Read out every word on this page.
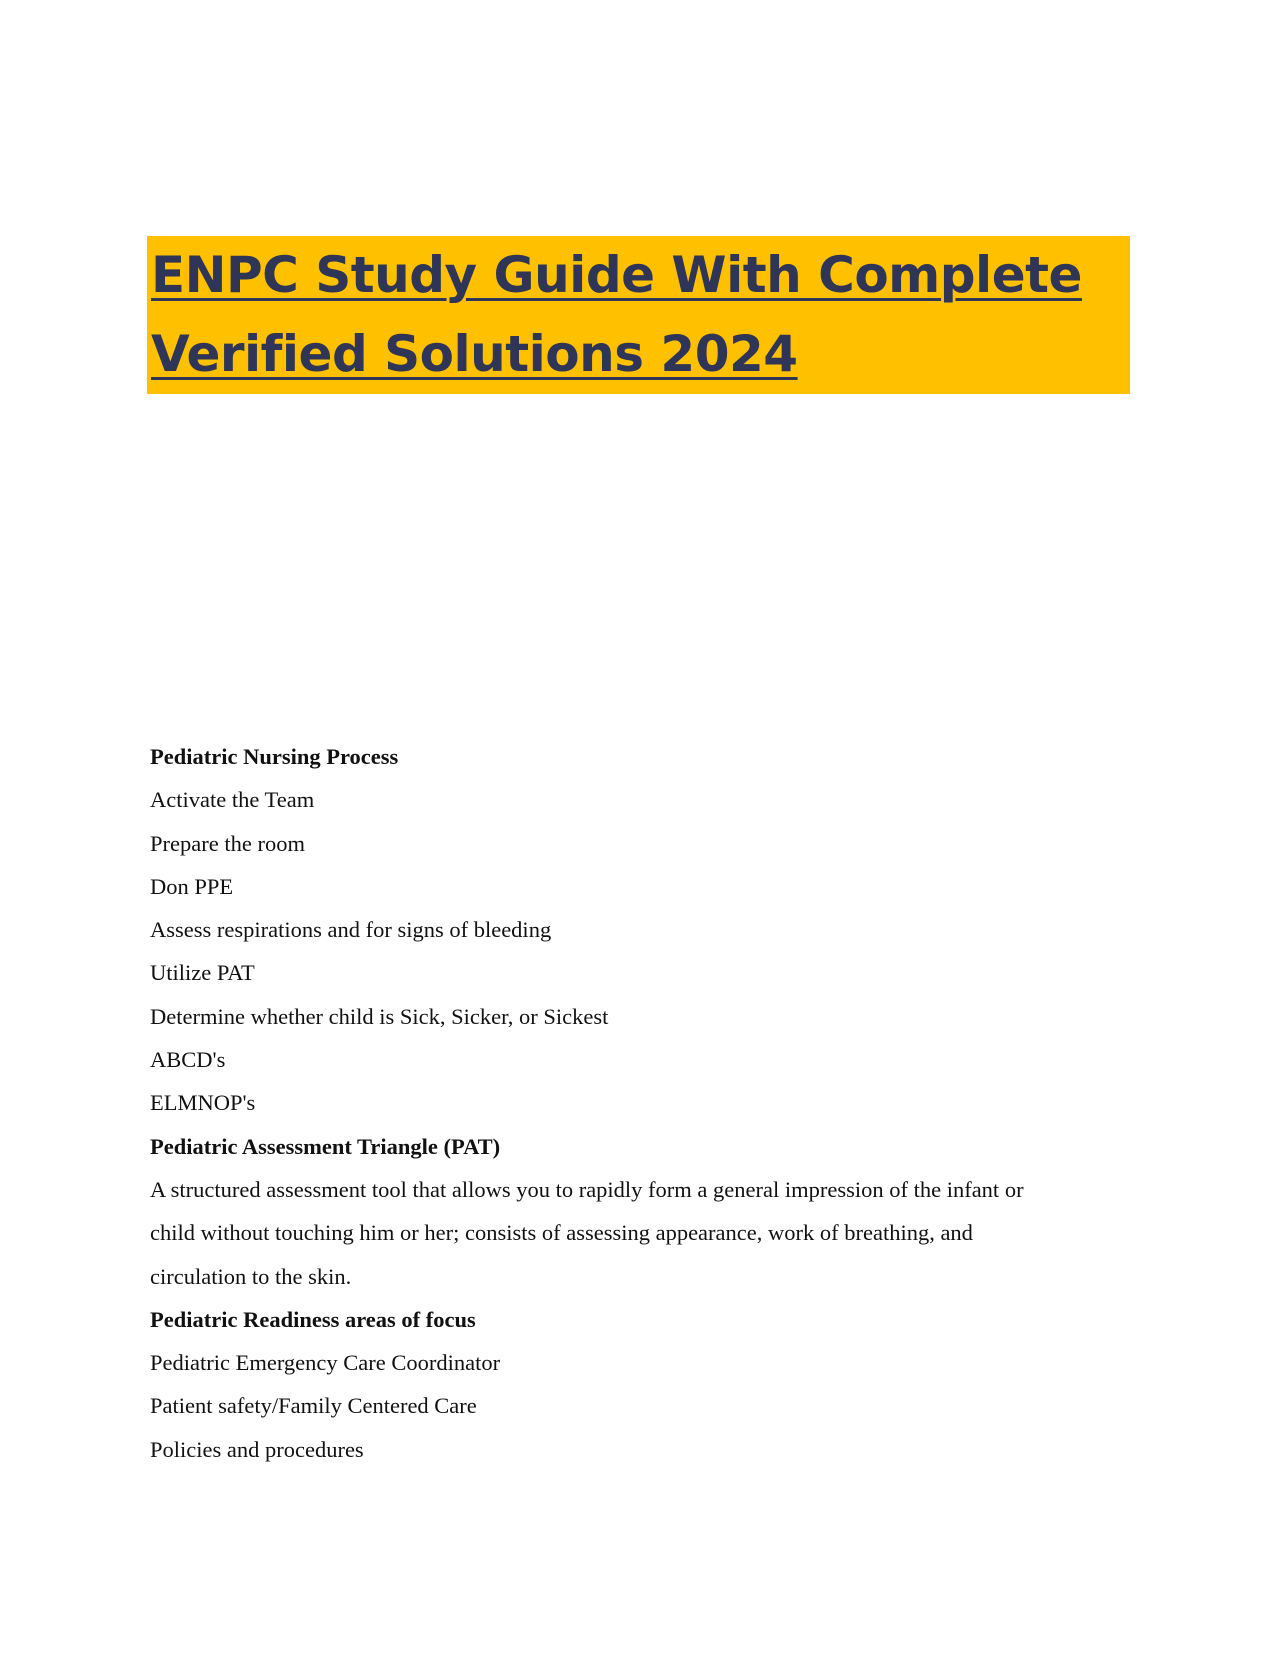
ENPC Study Guide With Complete
Verified Solutions 2024
Pediatric Nursing Process
Activate the Team
Prepare the room
Don PPE
Assess respirations and for signs of bleeding
Utilize PAT
Determine whether child is Sick, Sicker, or Sickest
ABCD's
ELMNOP's
Pediatric Assessment Triangle (PAT)
A structured assessment tool that allows you to rapidly form a general impression of the infant or
child without touching him or her; consists of assessing appearance, work of breathing, and
circulation to the skin.
Pediatric Readiness areas of focus
Pediatric Emergency Care Coordinator
Patient safety/Family Centered Care
Policies and procedures
